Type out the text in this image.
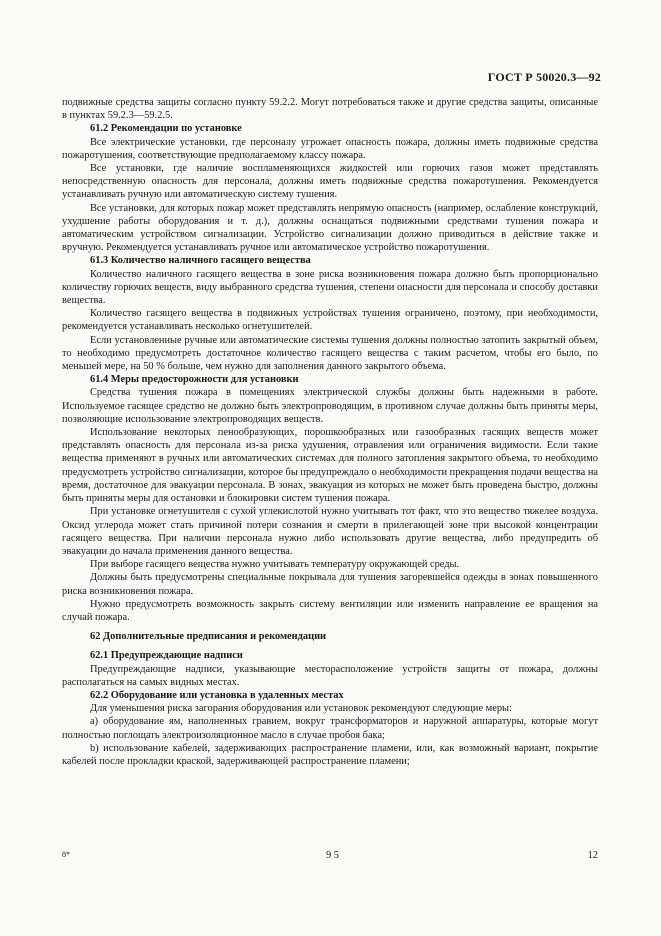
ГОСТ Р 50020.3—92

подвижные средства защиты согласно пункту 59.2.2. Могут потребоваться также и другие средства защиты, описанные в пунктах 59.2.3—59.2.5.

61.2 Рекомендации по установке

Все электрические установки, где персоналу угрожает опасность пожара, должны иметь подвижные средства пожаротушения, соответствующие предполагаемому классу пожара.

Все установки, где наличие воспламеняющихся жидкостей или горючих газов может представлять непосредственную опасность для персонала, должны иметь подвижные средства пожаротушения. Рекомендуется устанавливать ручную или автоматическую систему тушения.

Все установки, для которых пожар может представлять непрямую опасность (например, ослабление конструкций, ухудшение работы оборудования и т. д.), должны оснащаться подвижными средствами тушения пожара и автоматическим устройством сигнализации. Устройство сигнализации должно приводиться в действие также и вручную. Рекомендуется устанавливать ручное или автоматическое устройство пожаротушения.

61.3 Количество наличного гасящего вещества

Количество наличного гасящего вещества в зоне риска возникновения пожара должно быть пропорционально количеству горючих веществ, виду выбранного средства тушения, степени опасности для персонала и способу доставки вещества.

Количество гасящего вещества в подвижных устройствах тушения ограничено, поэтому, при необходимости, рекомендуется устанавливать несколько огнетушителей.

Если установленные ручные или автоматические системы тушения должны полностью затопить закрытый объем, то необходимо предусмотреть достаточное количество гасящего вещества с таким расчетом, чтобы его было, по меньшей мере, на 50 % больше, чем нужно для заполнения данного закрытого объема.

61.4 Меры предосторожности для установки

Средства тушения пожара в помещениях электрической службы должны быть надежными в работе. Используемое гасящее средство не должно быть электропроводящим, в противном случае должны быть приняты меры, позволяющие использование электропроводящих веществ.

Использование некоторых пенообразующих, порошкообразных или газообразных гасящих веществ может представлять опасность для персонала из-за риска удушения, отравления или ограничения видимости. Если такие вещества применяют в ручных или автоматических системах для полного затопления закрытого объема, то необходимо предусмотреть устройство сигнализации, которое бы предупреждало о необходимости прекращения подачи вещества на время, достаточное для эвакуации персонала. В зонах, эвакуация из которых не может быть проведена быстро, должны быть приняты меры для остановки и блокировки систем тушения пожара.

При установке огнетушителя с сухой углекислотой нужно учитывать тот факт, что это вещество тяжелее воздуха. Оксид углерода может стать причиной потери сознания и смерти в прилегающей зоне при высокой концентрации гасящего вещества. При наличии персонала нужно либо использовать другие вещества, либо предупредить об эвакуации до начала применения данного вещества.

При выборе гасящего вещества нужно учитывать температуру окружающей среды.

Должны быть предусмотрены специальные покрывала для тушения загоревшейся одежды в зонах повышенного риска возникновения пожара.

Нужно предусмотреть возможность закрыть систему вентиляции или изменить направление ее вращения на случай пожара.

62 Дополнительные предписания и рекомендации
62.1 Предупреждающие надписи

Предупреждающие надписи, указывающие месторасположение устройств защиты от пожара, должны располагаться на самых видных местах.

62.2 Оборудование или установка в удаленных местах

Для уменьшения риска загорания оборудования или установок рекомендуют следующие меры:

а) оборудование ям, наполненных гравием, вокруг трансформаторов и наружной аппаратуры, которые могут полностью поглощать электроизоляционное масло в случае пробоя бака;

b) использование кабелей, задерживающих распространение пламени, или, как возможный вариант, покрытие кабелей после прокладки краской, задерживающей распространение пламени;

8*	9 5	12
